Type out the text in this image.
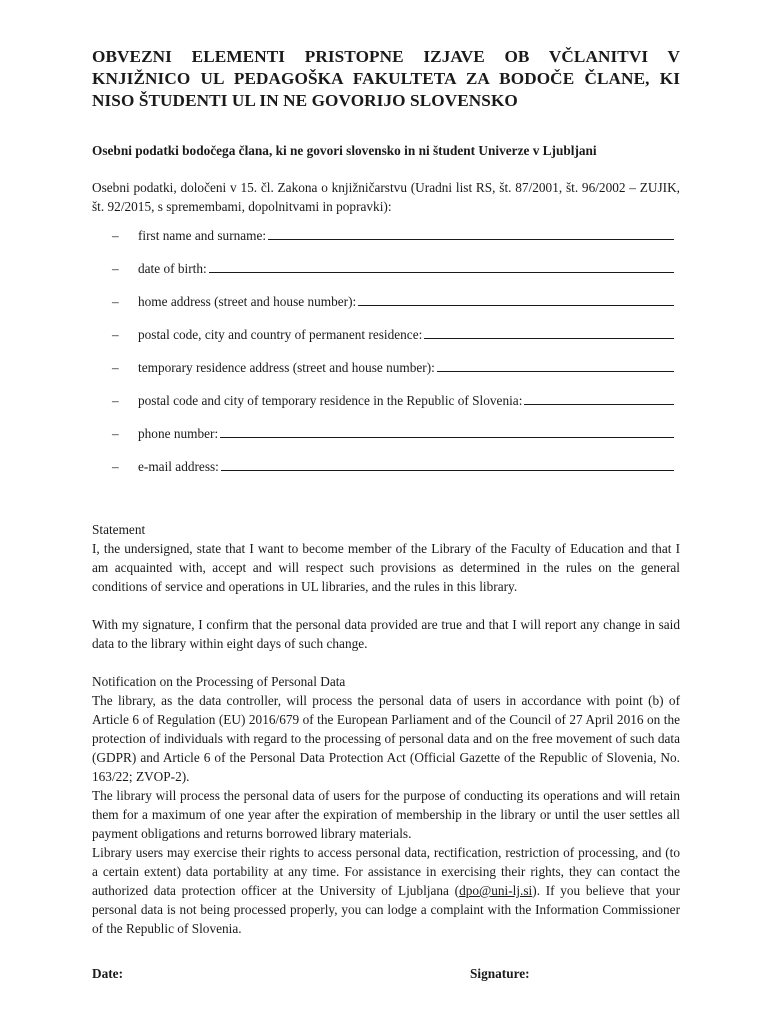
OBVEZNI ELEMENTI PRISTOPNE IZJAVE OB VČLANITVI V KNJIŽNICO UL PEDAGOŠKA FAKULTETA ZA BODOČE ČLANE, KI NISO ŠTUDENTI UL IN NE GOVORIJO SLOVENSKO

Osebni podatki bodočega člana, ki ne govori slovensko in ni študent Univerze v Ljubljani

Osebni podatki, določeni v 15. čl. Zakona o knjižničarstvu (Uradni list RS, št. 87/2001, št. 96/2002 – ZUJIK, št. 92/2015, s spremembami, dopolnitvami in popravki):

–	first name and surname:
–	date of birth:
–	home address (street and house number):
–	postal code, city and country of permanent residence:
–	temporary residence address (street and house number):
–	postal code and city of temporary residence in the Republic of Slovenia:
–	phone number:
–	e-mail address:

Statement
I, the undersigned, state that I want to become member of the Library of the Faculty of Education and that I am acquainted with, accept and will respect such provisions as determined in the rules on the general conditions of service and operations in UL libraries, and the rules in this library.

With my signature, I confirm that the personal data provided are true and that I will report any change in said data to the library within eight days of such change.

Notification on the Processing of Personal Data

The library, as the data controller, will process the personal data of users in accordance with point (b) of Article 6 of Regulation (EU) 2016/679 of the European Parliament and of the Council of 27 April 2016 on the protection of individuals with regard to the processing of personal data and on the free movement of such data (GDPR) and Article 6 of the Personal Data Protection Act (Official Gazette of the Republic of Slovenia, No. 163/22; ZVOP-2).

The library will process the personal data of users for the purpose of conducting its operations and will retain them for a maximum of one year after the expiration of membership in the library or until the user settles all payment obligations and returns borrowed library materials.

Library users may exercise their rights to access personal data, rectification, restriction of processing, and (to a certain extent) data portability at any time. For assistance in exercising their rights, they can contact the authorized data protection officer at the University of Ljubljana (dpo@uni-lj.si). If you believe that your personal data is not being processed properly, you can lodge a complaint with the Information Commissioner of the Republic of Slovenia.

Date:	Signature:
